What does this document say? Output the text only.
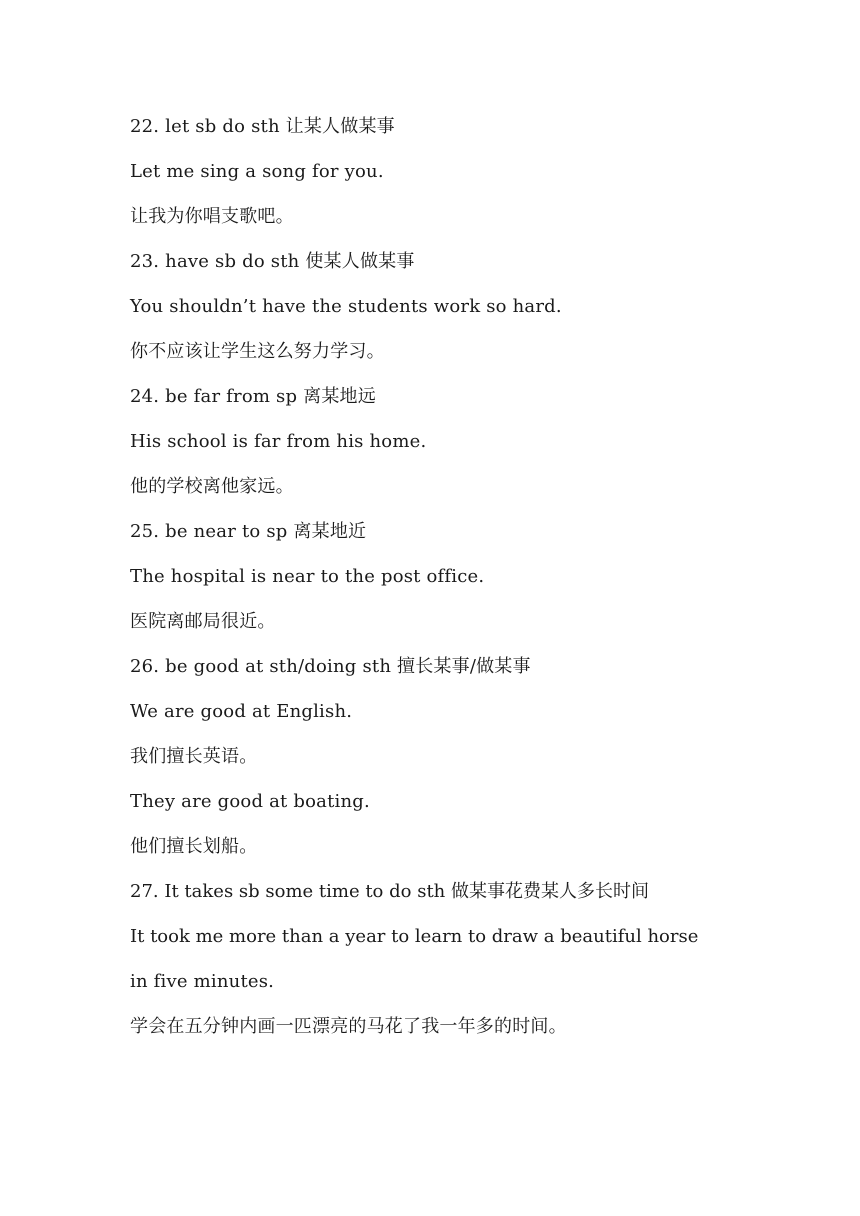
22. let sb do sth 让某人做某事
Let me sing a song for you.
让我为你唱支歌吧。
23. have sb do sth 使某人做某事
You shouldn’t have the students work so hard.
你不应该让学生这么努力学习。
24. be far from sp 离某地远
His school is far from his home.
他的学校离他家远。
25. be near to sp 离某地近
The hospital is near to the post office.
医院离邮局很近。
26. be good at sth/doing sth 擅长某事/做某事
We are good at English.
我们擅长英语。
They are good at boating.
他们擅长划船。
27. It takes sb some time to do sth 做某事花费某人多长时间
It took me more than a year to learn to draw a beautiful horse
in five minutes.
学会在五分钟内画一匹漂亮的马花了我一年多的时间。
